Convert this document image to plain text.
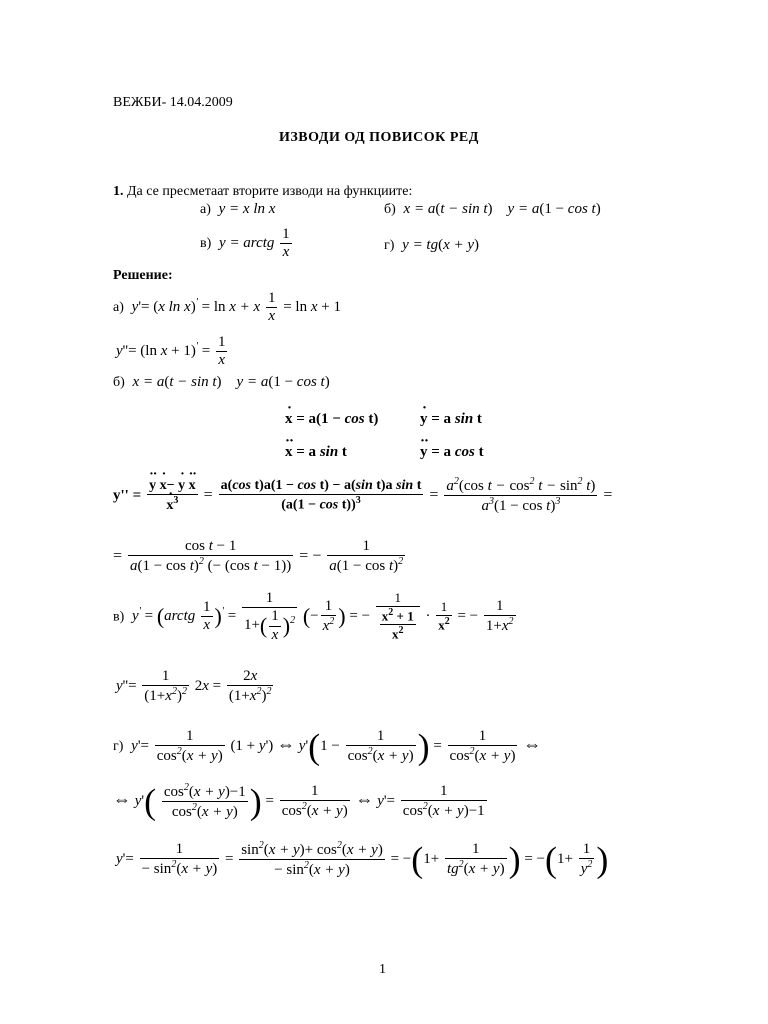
ВЕЖБИ- 14.04.2009
ИЗВОДИ ОД ПОВИСОК РЕД
1. Да се пресметаат вторите изводи на функциите:
а)  y = x ln x	б)  x = a(t − sin t)    y = a(1 − cos t)
в)  y = arctg $\frac{1}{x}$	г)  y = tg(x + y)
Решение:
а)  y'= (x ln x)' = ln x + x $\frac{1}{x} = \ln x + 1$
y''= (ln $x + 1)' = \frac{1}{x}$
б)  x = a(t − sin t)    y = a(1 − cos t)
· x = a(1 − cos t)	· y = a sin t
·· x = a sin t	·· y = a cos t
y'' = ·· y · x− · y ·· x
· $x^3 = \frac{\text{a(cos t)a(1 − cos t) − a(sin t)a sin t}}{(a(1 - \cos t))^3} = \frac{a^2(\cos t - \cos^2 t - \sin^2 t)}{a^3(1 - \cos t)^3}$ =
= $\frac{\text{cos t − 1}}{a(1 - \cos t)^2 (- (\cos t - 1))}$ = − $\frac{1}{a(1 - \cos t)^2}$
в)  y' = (arctg $\frac{1}{x} )' = \frac{1}{1+( \frac{1}{x} )^2}$ (− $\frac{1}{x^2}$ ) = − $\frac{1}{\frac{x^2 + 1}{x^2}} \cdot \frac{1}{x^2}$ = − $\frac{1}{1+x^2}$
$y''= \frac{1}{(1+x^2)^2} 2x = \frac{2x}{(1+x^2)^2}$
г)  $y'= \frac{1}{\cos^2(x + y)} (1 + y')$ ⇔ $y'(1 - \frac{1}{\cos^2(x + y)}$ ) = $\frac{1}{\cos^2(x + y)}$ ⇔
⇔ $y'( \frac{\cos^2(x + y)-1}{\cos^2(x + y)}$ ) = $\frac{1}{\cos^2(x + y)}$ ⇔ $y'= \frac{1}{\cos^2(x + y)-1}$
$y'= \frac{1}{- \sin^2(x + y)} = \frac{\sin^2(x + y)+ \cos^2(x + y)}{- \sin^2(x + y)} = -(1+ \frac{1}{tg^2(x + y)}$ ) = $-(1+ \frac{1}{y^2}$ )
1
